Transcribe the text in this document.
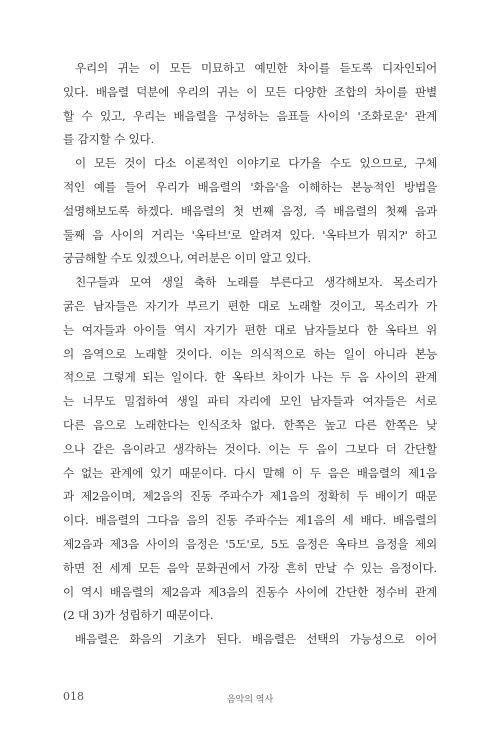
우리의 귀는 이 모든 미묘하고 예민한 차이를 듣도록 디자인되어
있다. 배음렬 덕분에 우리의 귀는 이 모든 다양한 조합의 차이를 판별
할 수 있고, 우리는 배음렬을 구성하는 음표들 사이의 '조화로운' 관계
를 감지할 수 있다.
이 모든 것이 다소 이론적인 이야기로 다가올 수도 있으므로, 구체
적인 예를 들어 우리가 배음렬의 '화음'을 이해하는 본능적인 방법을
설명해보도록 하겠다. 배음렬의 첫 번째 음정, 즉 배음렬의 첫째 음과
둘째 음 사이의 거리는 '옥타브'로 알려져 있다. '옥타브가 뭐지?' 하고
궁금해할 수도 있겠으나, 여러분은 이미 알고 있다.
친구들과 모여 생일 축하 노래를 부른다고 생각해보자. 목소리가
굵은 남자들은 자기가 부르기 편한 대로 노래할 것이고, 목소리가 가
는 여자들과 아이들 역시 자기가 편한 대로 남자들보다 한 옥타브 위
의 음역으로 노래할 것이다. 이는 의식적으로 하는 일이 아니라 본능
적으로 그렇게 되는 일이다. 한 옥타브 차이가 나는 두 음 사이의 관계
는 너무도 밀접하여 생일 파티 자리에 모인 남자들과 여자들은 서로
다른 음으로 노래한다는 인식조차 없다. 한쪽은 높고 다른 한쪽은 낮
으나 같은 음이라고 생각하는 것이다. 이는 두 음이 그보다 더 간단할
수 없는 관계에 있기 때문이다. 다시 말해 이 두 음은 배음렬의 제1음
과 제2음이며, 제2음의 진동 주파수가 제1음의 정확히 두 배이기 때문
이다. 배음렬의 그다음 음의 진동 주파수는 제1음의 세 배다. 배음렬의
제2음과 제3음 사이의 음정은 '5도'로, 5도 음정은 옥타브 음정을 제외
하면 전 세계 모든 음악 문화권에서 가장 흔히 만날 수 있는 음정이다.
이 역시 배음렬의 제2음과 제3음의 진동수 사이에 간단한 정수비 관계
(2 대 3)가 성립하기 때문이다.
배음렬은 화음의 기초가 된다. 배음렬은 선택의 가능성으로 이어
018	음악의 역사
